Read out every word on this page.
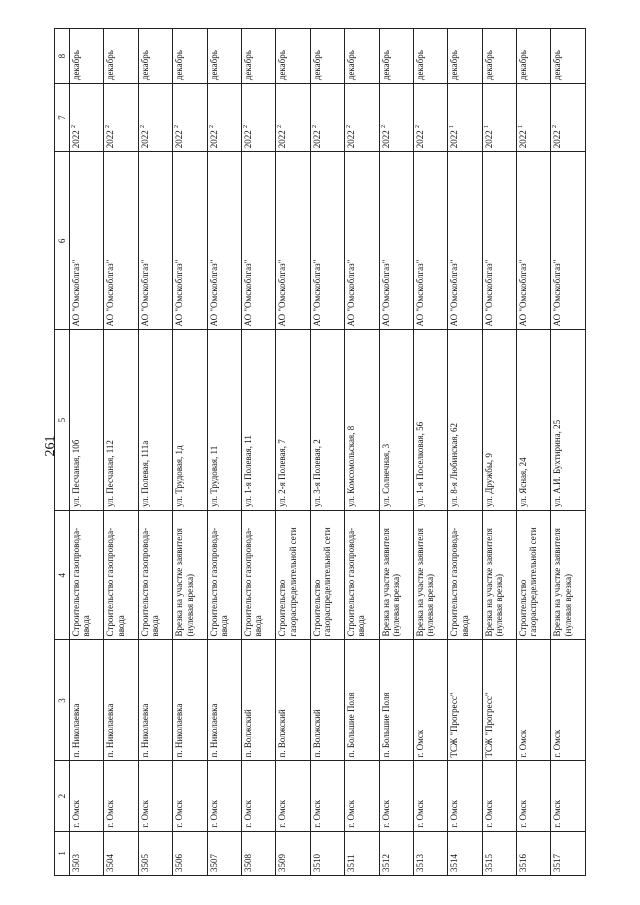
261
1	2	3	4	5	6	7	8
3503	г. Омск	п. Николаевка	Строительство газопровода-ввода	ул. Песчаная, 10б	АО "Омскоблгаз"	2022 $^2$	декабрь
3504	г. Омск	п. Николаевка	Строительство газопровода-ввода	ул. Песчаная, 112	АО "Омскоблгаз"	2022 $^2$	декабрь
3505	г. Омск	п. Николаевка	Строительство газопровода-ввода	ул. Полевая, 111а	АО "Омскоблгаз"	2022 $^2$	декабрь
3506	г. Омск	п. Николаевка	Врезка на участке заявителя (нулевая врезка)	ул. Трудовая, 1д	АО "Омскоблгаз"	2022 $^2$	декабрь
3507	г. Омск	п. Николаевка	Строительство газопровода-ввода	ул. Трудовая, 11	АО "Омскоблгаз"	2022 $^2$	декабрь
3508	г. Омск	п. Волжский	Строительство газопровода-ввода	ул. 1-я Полевая, 11	АО "Омскоблгаз"	2022 $^2$	декабрь
3509	г. Омск	п. Волжский	Строительство газораспределительной сети	ул. 2-я Полевая, 7	АО "Омскоблгаз"	2022 $^2$	декабрь
3510	г. Омск	п. Волжский	Строительство газораспределительной сети	ул. 3-я Полевая, 2	АО "Омскоблгаз"	2022 $^2$	декабрь
3511	г. Омск	п. Большие Поля	Строительство газопровода-ввода	ул. Комсомольская, 8	АО "Омскоблгаз"	2022 $^2$	декабрь
3512	г. Омск	п. Большие Поля	Врезка на участке заявителя (нулевая врезка)	ул. Солнечная, 3	АО "Омскоблгаз"	2022 $^2$	декабрь
3513	г. Омск	г. Омск	Врезка на участке заявителя (нулевая врезка)	ул. 1-я Поселковая, 56	АО "Омскоблгаз"	2022 $^2$	декабрь
3514	г. Омск	ТСЖ "Прогресс"	Строительство газопровода-ввода	ул. 8-я Любинская, 62	АО "Омскоблгаз"	2022 $^1$	декабрь
3515	г. Омск	ТСЖ "Прогресс"	Врезка на участке заявителя (нулевая врезка)	ул. Дружбы, 9	АО "Омскоблгаз"	2022 $^1$	декабрь
3516	г. Омск	г. Омск	Строительство газораспределительной сети	ул. Ясная, 24	АО "Омскоблгаз"	2022 $^1$	декабрь
3517	г. Омск	г. Омск	Врезка на участке заявителя (нулевая врезка)	ул. А.И. Бухтирина, 25	АО "Омскоблгаз"	2022 $^2$	декабрь
